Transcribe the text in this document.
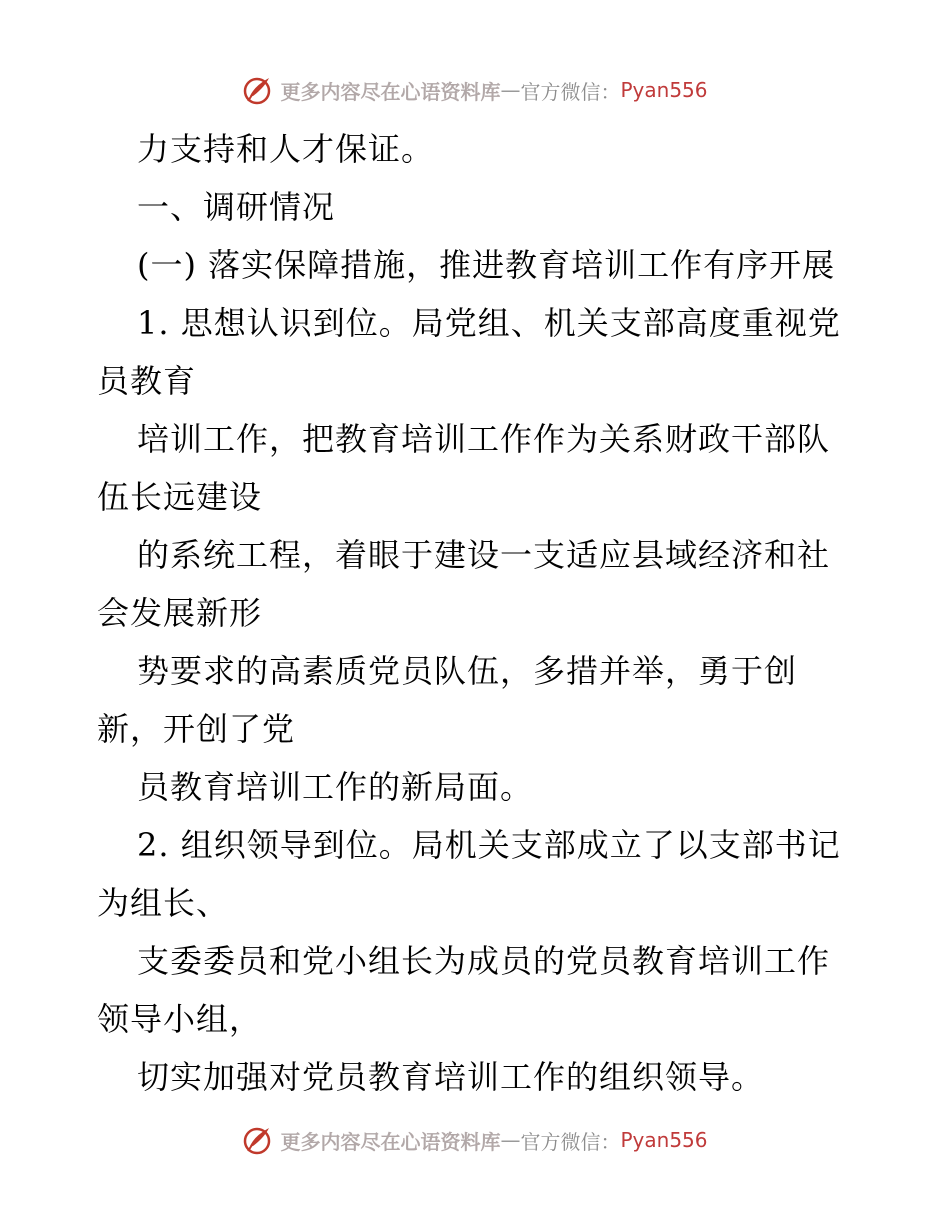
更多内容尽在心语资料库 — 官方微信： Pyan556
力支持和人才保证。
一、调研情况
(一) 落实保障措施，推进教育培训工作有序开展
1. 思想认识到位。局党组、机关支部高度重视党
员教育
培训工作，把教育培训工作作为关系财政干部队
伍长远建设
的系统工程，着眼于建设一支适应县域经济和社
会发展新形
势要求的高素质党员队伍，多措并举，勇于创
新，开创了党
员教育培训工作的新局面。
2. 组织领导到位。局机关支部成立了以支部书记
为组长、
支委委员和党小组长为成员的党员教育培训工作
领导小组，
切实加强对党员教育培训工作的组织领导。
更多内容尽在心语资料库 — 官方微信： Pyan556
